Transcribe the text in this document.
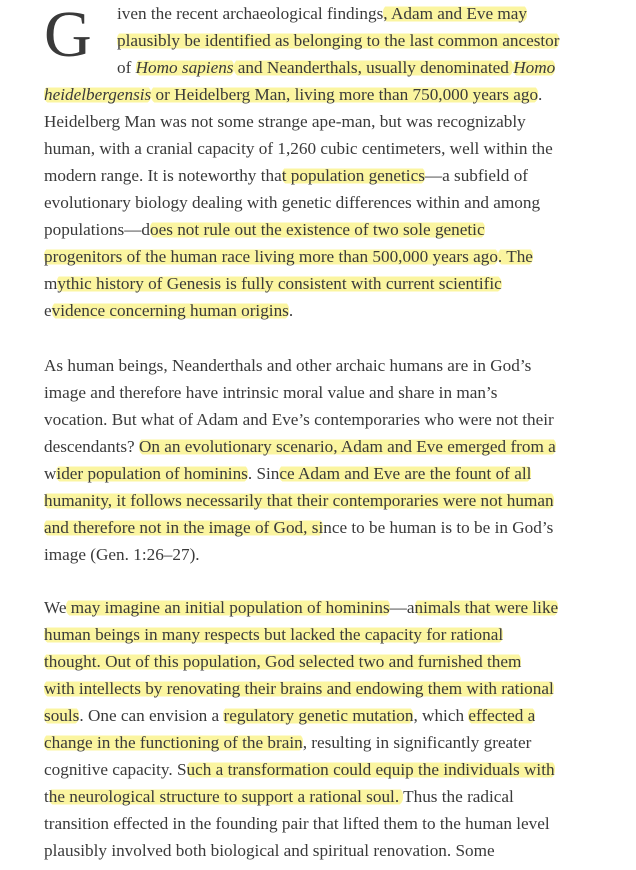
G	iven the recent archaeological findings, Adam and Eve may
plausibly be identified as belonging to the last common ancestor
of Homo sapiens and Neanderthals, usually denominated Homo
heidelbergensis or Heidelberg Man, living more than 750,000 years ago.
Heidelberg Man was not some strange ape-man, but was recognizably
human, with a cranial capacity of 1,260 cubic centimeters, well within the
modern range. It is noteworthy that population genetics—a subfield of
evolutionary biology dealing with genetic differences within and among
populations—does not rule out the existence of two sole genetic
progenitors of the human race living more than 500,000 years ago. The
mythic history of Genesis is fully consistent with current scientific
evidence concerning human origins.
As human beings, Neanderthals and other archaic humans are in God’s
image and therefore have intrinsic moral value and share in man’s
vocation. But what of Adam and Eve’s contemporaries who were not their
descendants? On an evolutionary scenario, Adam and Eve emerged from a
wider population of hominins. Since Adam and Eve are the fount of all
humanity, it follows necessarily that their contemporaries were not human
and therefore not in the image of God, since to be human is to be in God’s
image (Gen. 1:26–27).
We may imagine an initial population of hominins—animals that were like
human beings in many respects but lacked the capacity for rational
thought. Out of this population, God selected two and furnished them
with intellects by renovating their brains and endowing them with rational
souls. One can envision a regulatory genetic mutation, which effected a
change in the functioning of the brain, resulting in significantly greater
cognitive capacity. Such a transformation could equip the individuals with
the neurological structure to support a rational soul. Thus the radical
transition effected in the founding pair that lifted them to the human level
plausibly involved both biological and spiritual renovation. Some
